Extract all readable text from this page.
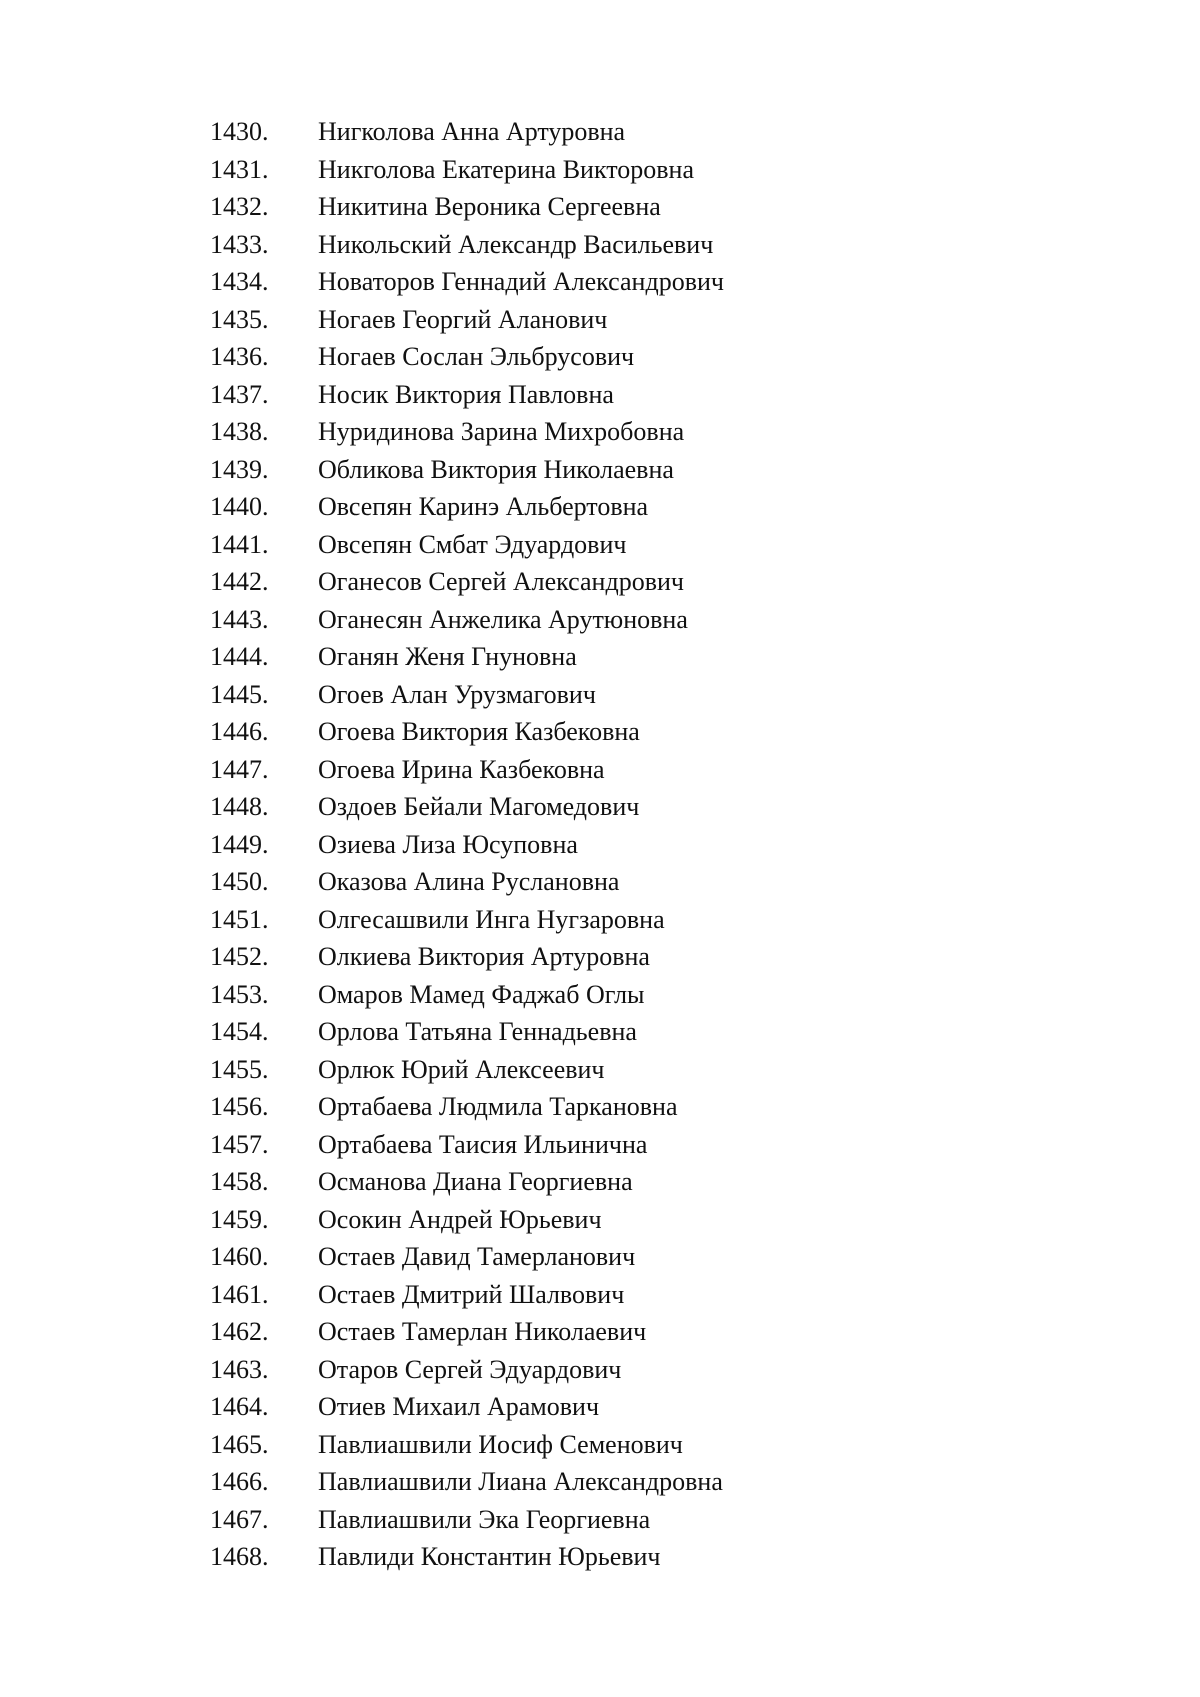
1430. Нигколова Анна Артуровна
1431. Никголова Екатерина Викторовна
1432. Никитина Вероника Сергеевна
1433. Никольский Александр Васильевич
1434. Новаторов Геннадий Александрович
1435. Ногаев Георгий Аланович
1436. Ногаев Сослан Эльбрусович
1437. Носик Виктория Павловна
1438. Нуридинова Зарина Михробовна
1439. Обликова Виктория Николаевна
1440. Овсепян Каринэ Альбертовна
1441. Овсепян Смбат Эдуардович
1442. Оганесов Сергей Александрович
1443. Оганесян Анжелика Арутюновна
1444. Оганян Женя Гнуновна
1445. Огоев Алан Урузмагович
1446. Огоева Виктория Казбековна
1447. Огоева Ирина Казбековна
1448. Оздоев Бейали Магомедович
1449. Озиева Лиза Юсуповна
1450. Оказова Алина Руслановна
1451. Олгесашвили Инга Нугзаровна
1452. Олкиева Виктория Артуровна
1453. Омаров Мамед Фаджаб Оглы
1454. Орлова Татьяна Геннадьевна
1455. Орлюк Юрий Алексеевич
1456. Ортабаева Людмила Таркановна
1457. Ортабаева Таисия Ильинична
1458. Османова Диана Георгиевна
1459. Осокин Андрей Юрьевич
1460. Остаев Давид Тамерланович
1461. Остаев Дмитрий Шалвович
1462. Остаев Тамерлан Николаевич
1463. Отаров Сергей Эдуардович
1464. Отиев Михаил Арамович
1465. Павлиашвили Иосиф Семенович
1466. Павлиашвили Лиана Александровна
1467. Павлиашвили Эка Георгиевна
1468. Павлиди Константин Юрьевич
